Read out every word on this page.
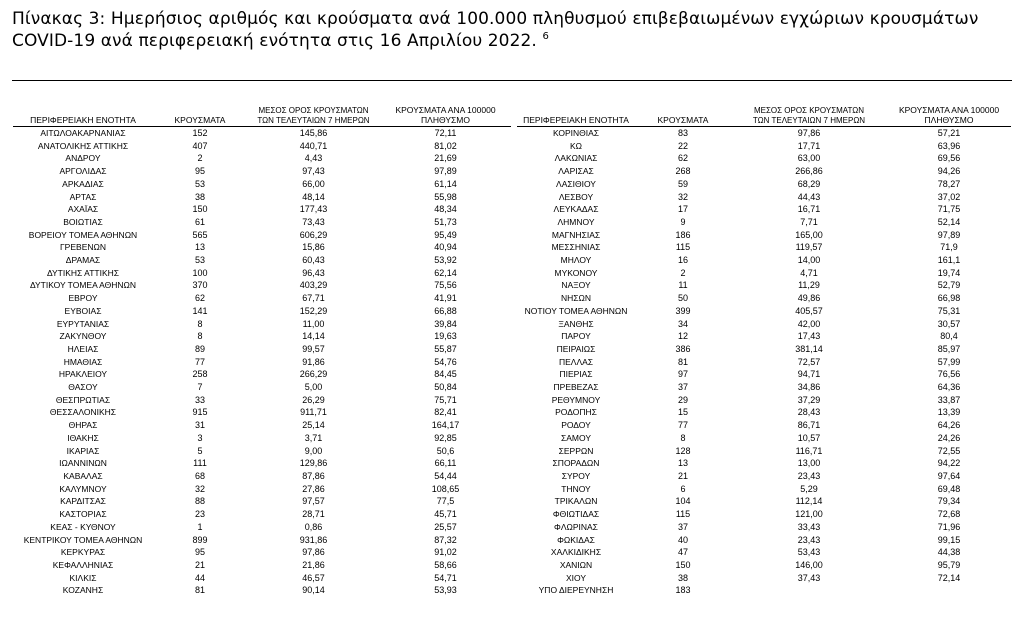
Πίνακας 3: Ημερήσιος αριθμός και κρούσματα ανά 100.000 πληθυσμού επιβεβαιωμένων εγχώριων κρουσμάτων
COVID-19 ανά περιφερειακή ενότητα στις 16 Απριλίου 2022. $^6$
ΠΕΡΙΦΕΡΕΙΑΚΗ ΕΝΟΤΗΤΑ	ΚΡΟΥΣΜΑΤΑ	ΜΕΣΟΣ ΟΡΟΣ ΚΡΟΥΣΜΑΤΩΝ
ΤΩΝ ΤΕΛΕΥΤΑΙΩΝ 7 ΗΜΕΡΩΝ	ΚΡΟΥΣΜΑΤΑ ΑΝΑ 100000
ΠΛΗΘΥΣΜΟ
ΑΙΤΩΛΟΑΚΑΡΝΑΝΙΑΣ	152	145,86	72,11
ΑΝΑΤΟΛΙΚΗΣ ΑΤΤΙΚΗΣ	407	440,71	81,02
ΑΝΔΡΟΥ	2	4,43	21,69
ΑΡΓΟΛΙΔΑΣ	95	97,43	97,89
ΑΡΚΑΔΙΑΣ	53	66,00	61,14
ΑΡΤΑΣ	38	48,14	55,98
ΑΧΑΪΑΣ	150	177,43	48,34
ΒΟΙΩΤΙΑΣ	61	73,43	51,73
ΒΟΡΕΙΟΥ ΤΟΜΕΑ ΑΘΗΝΩΝ	565	606,29	95,49
ΓΡΕΒΕΝΩΝ	13	15,86	40,94
ΔΡΑΜΑΣ	53	60,43	53,92
ΔΥΤΙΚΗΣ ΑΤΤΙΚΗΣ	100	96,43	62,14
ΔΥΤΙΚΟΥ ΤΟΜΕΑ ΑΘΗΝΩΝ	370	403,29	75,56
ΕΒΡΟΥ	62	67,71	41,91
ΕΥΒΟΙΑΣ	141	152,29	66,88
ΕΥΡΥΤΑΝΙΑΣ	8	11,00	39,84
ΖΑΚΥΝΘΟΥ	8	14,14	19,63
ΗΛΕΙΑΣ	89	99,57	55,87
ΗΜΑΘΙΑΣ	77	91,86	54,76
ΗΡΑΚΛΕΙΟΥ	258	266,29	84,45
ΘΑΣΟΥ	7	5,00	50,84
ΘΕΣΠΡΩΤΙΑΣ	33	26,29	75,71
ΘΕΣΣΑΛΟΝΙΚΗΣ	915	911,71	82,41
ΘΗΡΑΣ	31	25,14	164,17
ΙΘΑΚΗΣ	3	3,71	92,85
ΙΚΑΡΙΑΣ	5	9,00	50,6
ΙΩΑΝΝΙΝΩΝ	111	129,86	66,11
ΚΑΒΑΛΑΣ	68	87,86	54,44
ΚΑΛΥΜΝΟΥ	32	27,86	108,65
ΚΑΡΔΙΤΣΑΣ	88	97,57	77,5
ΚΑΣΤΟΡΙΑΣ	23	28,71	45,71
ΚΕΑΣ - ΚΥΘΝΟΥ	1	0,86	25,57
ΚΕΝΤΡΙΚΟΥ ΤΟΜΕΑ ΑΘΗΝΩΝ	899	931,86	87,32
ΚΕΡΚΥΡΑΣ	95	97,86	91,02
ΚΕΦΑΛΛΗΝΙΑΣ	21	21,86	58,66
ΚΙΛΚΙΣ	44	46,57	54,71
ΚΟΖΑΝΗΣ	81	90,14	53,93
ΠΕΡΙΦΕΡΕΙΑΚΗ ΕΝΟΤΗΤΑ	ΚΡΟΥΣΜΑΤΑ	ΜΕΣΟΣ ΟΡΟΣ ΚΡΟΥΣΜΑΤΩΝ
ΤΩΝ ΤΕΛΕΥΤΑΙΩΝ 7 ΗΜΕΡΩΝ	ΚΡΟΥΣΜΑΤΑ ΑΝΑ 100000
ΠΛΗΘΥΣΜΟ
ΚΟΡΙΝΘΙΑΣ	83	97,86	57,21
ΚΩ	22	17,71	63,96
ΛΑΚΩΝΙΑΣ	62	63,00	69,56
ΛΑΡΙΣΑΣ	268	266,86	94,26
ΛΑΣΙΘΙΟΥ	59	68,29	78,27
ΛΕΣΒΟΥ	32	44,43	37,02
ΛΕΥΚΑΔΑΣ	17	16,71	71,75
ΛΗΜΝΟΥ	9	7,71	52,14
ΜΑΓΝΗΣΙΑΣ	186	165,00	97,89
ΜΕΣΣΗΝΙΑΣ	115	119,57	71,9
ΜΗΛΟΥ	16	14,00	161,1
ΜΥΚΟΝΟΥ	2	4,71	19,74
ΝΑΞΟΥ	11	11,29	52,79
ΝΗΣΩΝ	50	49,86	66,98
ΝΟΤΙΟΥ ΤΟΜΕΑ ΑΘΗΝΩΝ	399	405,57	75,31
ΞΑΝΘΗΣ	34	42,00	30,57
ΠΑΡΟΥ	12	17,43	80,4
ΠΕΙΡΑΙΩΣ	386	381,14	85,97
ΠΕΛΛΑΣ	81	72,57	57,99
ΠΙΕΡΙΑΣ	97	94,71	76,56
ΠΡΕΒΕΖΑΣ	37	34,86	64,36
ΡΕΘΥΜΝΟΥ	29	37,29	33,87
ΡΟΔΟΠΗΣ	15	28,43	13,39
ΡΟΔΟΥ	77	86,71	64,26
ΣΑΜΟΥ	8	10,57	24,26
ΣΕΡΡΩΝ	128	116,71	72,55
ΣΠΟΡΑΔΩΝ	13	13,00	94,22
ΣΥΡΟΥ	21	23,43	97,64
ΤΗΝΟΥ	6	5,29	69,48
ΤΡΙΚΑΛΩΝ	104	112,14	79,34
ΦΘΙΩΤΙΔΑΣ	115	121,00	72,68
ΦΛΩΡΙΝΑΣ	37	33,43	71,96
ΦΩΚΙΔΑΣ	40	23,43	99,15
ΧΑΛΚΙΔΙΚΗΣ	47	53,43	44,38
ΧΑΝΙΩΝ	150	146,00	95,79
ΧΙΟΥ	38	37,43	72,14
ΥΠΟ ΔΙΕΡΕΥΝΗΣΗ	183		
